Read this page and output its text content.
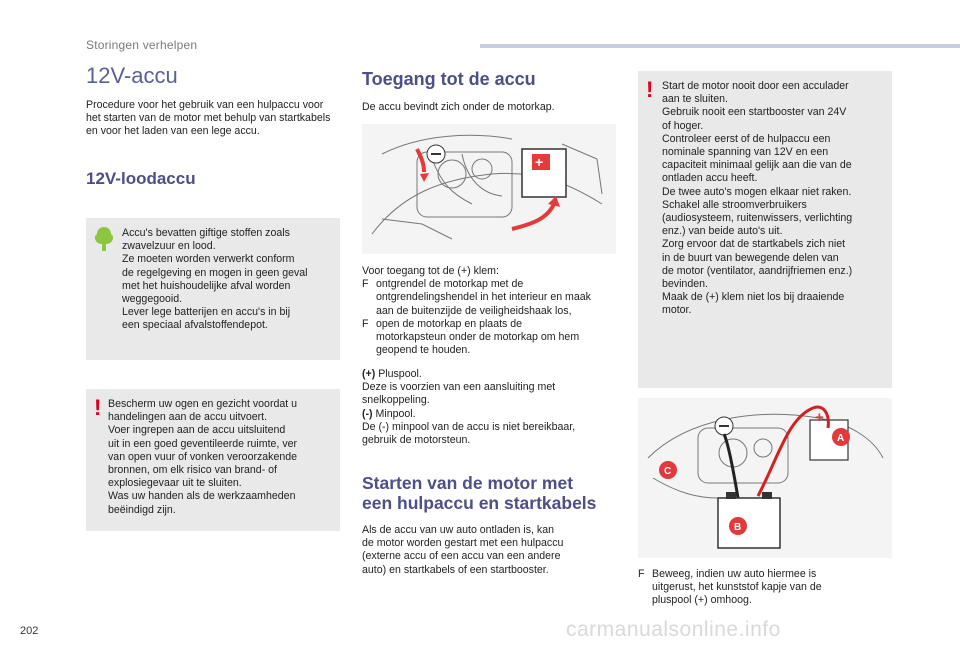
Storingen verhelpen
12V-accu
Procedure voor het gebruik van een hulpaccu voor het starten van de motor met behulp van startkabels en voor het laden van een lege accu.
12V-loodaccu
Accu's bevatten giftige stoffen zoals
zwavelzuur en lood.
Ze moeten worden verwerkt conform
de regelgeving en mogen in geen geval
met het huishoudelijke afval worden
weggegooid.
Lever lege batterijen en accu's in bij
een speciaal afvalstoffendepot.
! Bescherm uw ogen en gezicht voordat u
handelingen aan de accu uitvoert.
Voer ingrepen aan de accu uitsluitend
uit in een goed geventileerde ruimte, ver
van open vuur of vonken veroorzakende
bronnen, om elk risico van brand- of
explosiegevaar uit te sluiten.
Was uw handen als de werkzaamheden
beëindigd zijn.
Toegang tot de accu
De accu bevindt zich onder de motorkap.
+
Voor toegang tot de (+) klem:
F ontgrendel de motorkap met de
ontgrendelingshendel in het interieur en maak
aan de buitenzijde de veiligheidshaak los,
F open de motorkap en plaats de
motorkapsteun onder de motorkap om hem
geopend te houden.
(+) Pluspool.
Deze is voorzien van een aansluiting met
snelkoppeling.
(-) Minpool.
De (-) minpool van de accu is niet bereikbaar,
gebruik de motorsteun.
Starten van de motor met
een hulpaccu en startkabels
Als de accu van uw auto ontladen is, kan
de motor worden gestart met een hulpaccu
(externe accu of een accu van een andere
auto) en startkabels of een startbooster.
! Start de motor nooit door een acculader
aan te sluiten.
Gebruik nooit een startbooster van 24V
of hoger.
Controleer eerst of de hulpaccu een
nominale spanning van 12V en een
capaciteit minimaal gelijk aan die van de
ontladen accu heeft.
De twee auto's mogen elkaar niet raken.
Schakel alle stroomverbruikers
(audiosysteem, ruitenwissers, verlichting
enz.) van beide auto's uit.
Zorg ervoor dat de startkabels zich niet
in de buurt van bewegende delen van
de motor (ventilator, aandrijfriemen enz.)
bevinden.
Maak de (+) klem niet los bij draaiende
motor.
+
A
B
C
F Beweeg, indien uw auto hiermee is
uitgerust, het kunststof kapje van de
pluspool (+) omhoog.
202	carmanualsonline.info
